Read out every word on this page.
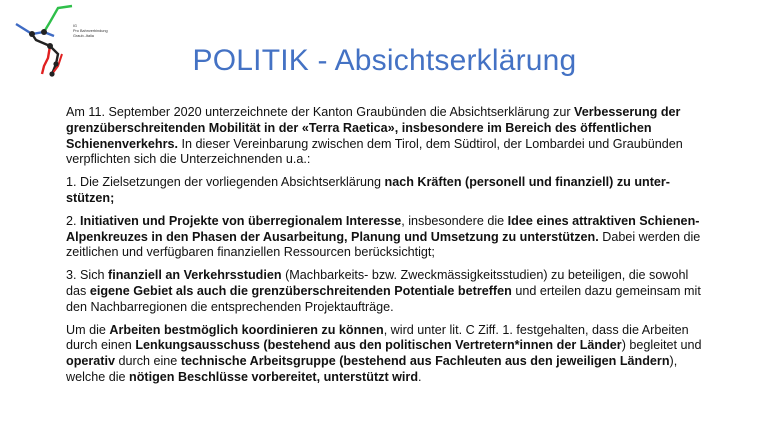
IG
Pro Bahnverbindung
Graub.-Italia
POLITIK - Absichtserklärung

Am 11. September 2020 unterzeichnete der Kanton Graubünden die Absichtserklärung zur Verbesserung der grenzüberschreitenden Mobilität in der «Terra Raetica», insbesondere im Bereich des öffentlichen Schienenverkehrs. In dieser Vereinbarung zwischen dem Tirol, dem Südtirol, der Lombardei und Graubünden verpflichten sich die Unterzeichnenden u.a.:

1. Die Zielsetzungen der vorliegenden Absichtserklärung nach Kräften (personell und finanziell) zu unter-stützen;

2. Initiativen und Projekte von überregionalem Interesse, insbesondere die Idee eines attraktiven Schienen-Alpenkreuzes in den Phasen der Ausarbeitung, Planung und Umsetzung zu unterstützen. Dabei werden die zeitlichen und verfügbaren finanziellen Ressourcen berücksichtigt;

3. Sich finanziell an Verkehrsstudien (Machbarkeits- bzw. Zweckmässigkeitsstudien) zu beteiligen, die sowohl das eigene Gebiet als auch die grenzüberschreitenden Potentiale betreffen und erteilen dazu gemeinsam mit den Nachbarregionen die entsprechenden Projektaufträge.

Um die Arbeiten bestmöglich koordinieren zu können, wird unter lit. C Ziff. 1. festgehalten, dass die Arbeiten durch einen Lenkungsausschuss (bestehend aus den politischen Vertretern*innen der Länder) begleitet und operativ durch eine technische Arbeitsgruppe (bestehend aus Fachleuten aus den jeweiligen Ländern), welche die nötigen Beschlüsse vorbereitet, unterstützt wird.
